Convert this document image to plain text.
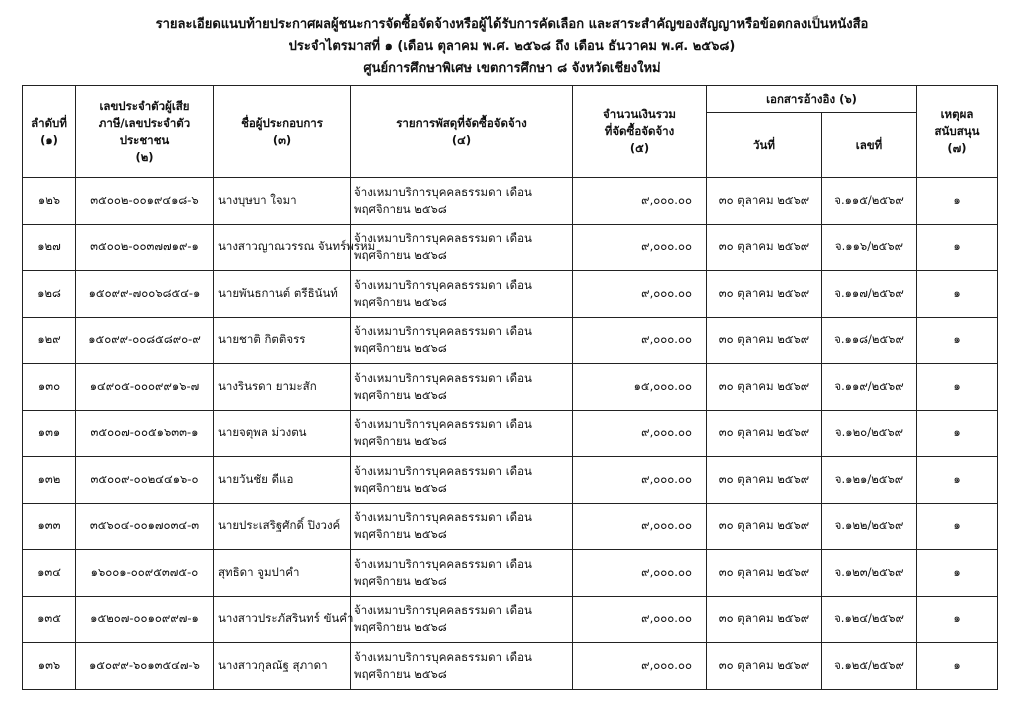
รายละเอียดแนบท้ายประกาศผลผู้ชนะการจัดซื้อจัดจ้างหรือผู้ได้รับการคัดเลือก และสาระสำคัญของสัญญาหรือข้อตกลงเป็นหนังสือ
ประจำไตรมาสที่ ๑ (เดือน ตุลาคม พ.ศ. ๒๕๖๘ ถึง เดือน ธันวาคม พ.ศ. ๒๕๖๘)
ศูนย์การศึกษาพิเศษ เขตการศึกษา ๘ จังหวัดเชียงใหม่
ลำดับที่
(๑)	เลขประจำตัวผู้เสีย
ภาษี/เลขประจำตัว
ประชาชน
(๒)	ชื่อผู้ประกอบการ
(๓)	รายการพัสดุที่จัดซื้อจัดจ้าง
(๔)	จำนวนเงินรวม
ที่จัดซื้อจัดจ้าง
(๕)	เอกสารอ้างอิง (๖)		เหตุผล
สนับสนุน
(๗)
					วันที่	เลขที่	
๑๒๖	๓๕๐๐๒-๐๐๑๙๔๑๘-๖	นางบุษบา ใจมา	จ้างเหมาบริการบุคคลธรรมดา เดือน พฤศจิกายน ๒๕๖๘	๙,๐๐๐.๐๐	๓๐ ตุลาคม ๒๕๖๙	จ.๑๑๕/๒๕๖๙	๑
๑๒๗	๓๕๐๐๒-๐๐๓๗๗๑๙-๑	นางสาวญาณวรรณ จันทร์พรหม	จ้างเหมาบริการบุคคลธรรมดา เดือน พฤศจิกายน ๒๕๖๘	๙,๐๐๐.๐๐	๓๐ ตุลาคม ๒๕๖๙	จ.๑๑๖/๒๕๖๙	๑
๑๒๘	๑๕๐๙๙-๗๐๐๖๘๕๔-๑	นายพันธกานต์ ตรีธินันท์	จ้างเหมาบริการบุคคลธรรมดา เดือน พฤศจิกายน ๒๕๖๘	๙,๐๐๐.๐๐	๓๐ ตุลาคม ๒๕๖๙	จ.๑๑๗/๒๕๖๙	๑
๑๒๙	๑๕๐๙๙-๐๐๘๕๘๙๐-๙	นายชาติ กิตติจรร	จ้างเหมาบริการบุคคลธรรมดา เดือน พฤศจิกายน ๒๕๖๘	๙,๐๐๐.๐๐	๓๐ ตุลาคม ๒๕๖๙	จ.๑๑๘/๒๕๖๙	๑
๑๓๐	๑๔๙๐๕-๐๐๐๙๙๑๖-๗	นางรินรดา ยามะสัก	จ้างเหมาบริการบุคคลธรรมดา เดือน พฤศจิกายน ๒๕๖๘	๑๕,๐๐๐.๐๐	๓๐ ตุลาคม ๒๕๖๙	จ.๑๑๙/๒๕๖๙	๑
๑๓๑	๓๕๐๐๗-๐๐๕๑๖๓๓-๑	นายจตุพล ม่วงตน	จ้างเหมาบริการบุคคลธรรมดา เดือน พฤศจิกายน ๒๕๖๘	๙,๐๐๐.๐๐	๓๐ ตุลาคม ๒๕๖๙	จ.๑๒๐/๒๕๖๙	๑
๑๓๒	๓๕๐๐๙-๐๐๒๔๔๑๖-๐	นายวันชัย ดีแอ	จ้างเหมาบริการบุคคลธรรมดา เดือน พฤศจิกายน ๒๕๖๘	๙,๐๐๐.๐๐	๓๐ ตุลาคม ๒๕๖๙	จ.๑๒๑/๒๕๖๙	๑
๑๓๓	๓๕๖๐๔-๐๐๑๗๐๓๔-๓	นายประเสริฐศักดิ์ ปิงวงค์	จ้างเหมาบริการบุคคลธรรมดา เดือน พฤศจิกายน ๒๕๖๘	๙,๐๐๐.๐๐	๓๐ ตุลาคม ๒๕๖๙	จ.๑๒๒/๒๕๖๙	๑
๑๓๔	๑๖๐๐๑-๐๐๙๕๓๗๕-๐	สุทธิดา จูมปาคำ	จ้างเหมาบริการบุคคลธรรมดา เดือน พฤศจิกายน ๒๕๖๘	๙,๐๐๐.๐๐	๓๐ ตุลาคม ๒๕๖๙	จ.๑๒๓/๒๕๖๙	๑
๑๓๕	๑๕๒๐๗-๐๐๑๐๙๙๗-๑	นางสาวประภัสรินทร์ ขันคำ	จ้างเหมาบริการบุคคลธรรมดา เดือน พฤศจิกายน ๒๕๖๘	๙,๐๐๐.๐๐	๓๐ ตุลาคม ๒๕๖๙	จ.๑๒๔/๒๕๖๙	๑
๑๓๖	๑๕๐๙๙-๖๐๑๓๕๔๗-๖	นางสาวกุลณัฐ สุภาดา	จ้างเหมาบริการบุคคลธรรมดา เดือน พฤศจิกายน ๒๕๖๘	๙,๐๐๐.๐๐	๓๐ ตุลาคม ๒๕๖๙	จ.๑๒๕/๒๕๖๙	๑
